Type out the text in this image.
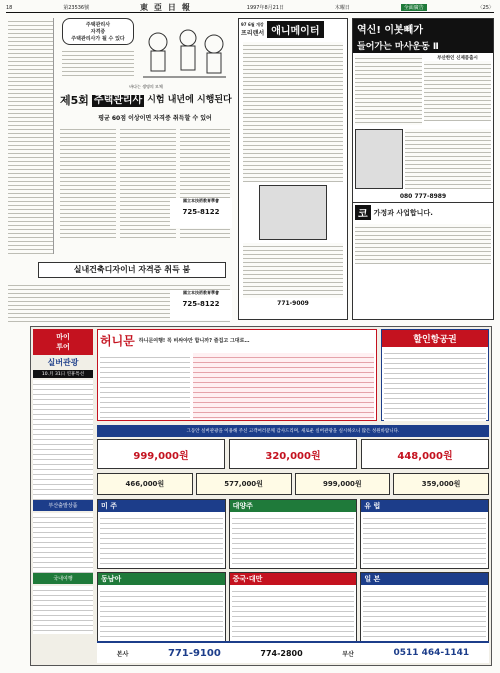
18	第23536號	東亞日報	1997年8月21日	木曜日	全面廣告	〈25〉
주택관리사
자격증
주택관리사가 될 수 있다
바다는 생명의 모체
제5회 주택관리사 시험 내년에 시행된다
평균 60점 이상이면 자격증 취득할 수 있어
실내건축디자이너 자격증 취득 붐
國立本技術教育學會
725-8122
國立本技術教育學會
725-8122
97 6월 개강
프리랜서 애니메이터
771-9009
역신! 이봇빼가
들어가는 마사운동 Ⅱ
부산한인 신제품출시
080 777-8989
코 가정과 사업합니다.
마이
투어
실버관광
10.月 31日 연휴특선
부산출발상품
국내여행
허니문 하니문여행! 꼭 비싸야만 합니까? 즐겁고 그대로…	할인항공권
그동안 실버관광을 이용해 주신 고객여러분께 감사드리며, 새로운 실버관광을 실시하오니 많은 성원바랍니다.
999,000원	320,000원	448,000원
466,000원	577,000원	999,000원	359,000원
미 주	대양주	유 럽
동남아	중국·대만	일 본
본사	771-9100	774-2800	부산	0511 464-1141
